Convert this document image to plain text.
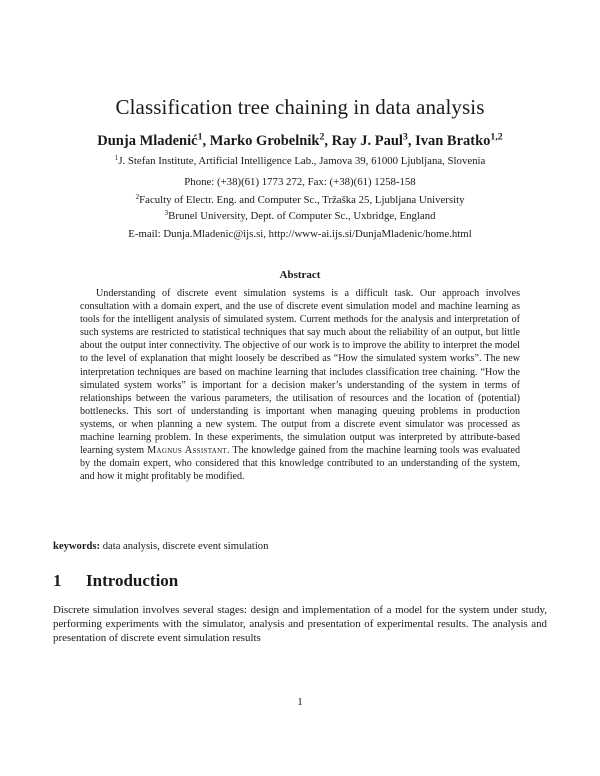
Classification tree chaining in data analysis
Dunja Mladenić$^1$, Marko Grobelnik$^2$, Ray J. Paul$^3$, Ivan Bratko$^{1,2}$
$^1$J. Stefan Institute, Artificial Intelligence Lab., Jamova 39, 61000 Ljubljana, Slovenia
Phone: (+38)(61) 1773 272, Fax: (+38)(61) 1258-158
$^2$Faculty of Electr. Eng. and Computer Sc., Tržaška 25, Ljubljana University
$^3$Brunel University, Dept. of Computer Sc., Uxbridge, England
E-mail: Dunja.Mladenic@ijs.si, http://www-ai.ijs.si/DunjaMladenic/home.html
Abstract

Understanding of discrete event simulation systems is a difficult task. Our approach involves consultation with a domain expert, and the use of discrete event simulation model and machine learning as tools for the intelligent analysis of simulated system. Current methods for the analysis and interpretation of such systems are restricted to statistical techniques that say much about the reliability of an output, but little about the output inter connectivity. The objective of our work is to improve the ability to interpret the model to the level of explanation that might loosely be described as “How the simulated system works”. The new interpretation techniques are based on machine learning that includes classification tree chaining. “How the simulated system works” is important for a decision maker’s understanding of the system in terms of relationships between the various parameters, the utilisation of resources and the location of (potential) bottlenecks. This sort of understanding is important when managing queuing problems in production systems, or when planning a new system. The output from a discrete event simulator was processed as machine learning problem. In these experiments, the simulation output was interpreted by attribute-based learning system Magnus Assistant. The knowledge gained from the machine learning tools was evaluated by the domain expert, who considered that this knowledge contributed to an understanding of the system, and how it might profitably be modified.

keywords: data analysis, discrete event simulation
1 Introduction

Discrete simulation involves several stages: design and implementation of a model for the system under study, performing experiments with the simulator, analysis and presentation of experimental results. The analysis and presentation of discrete event simulation results

1
